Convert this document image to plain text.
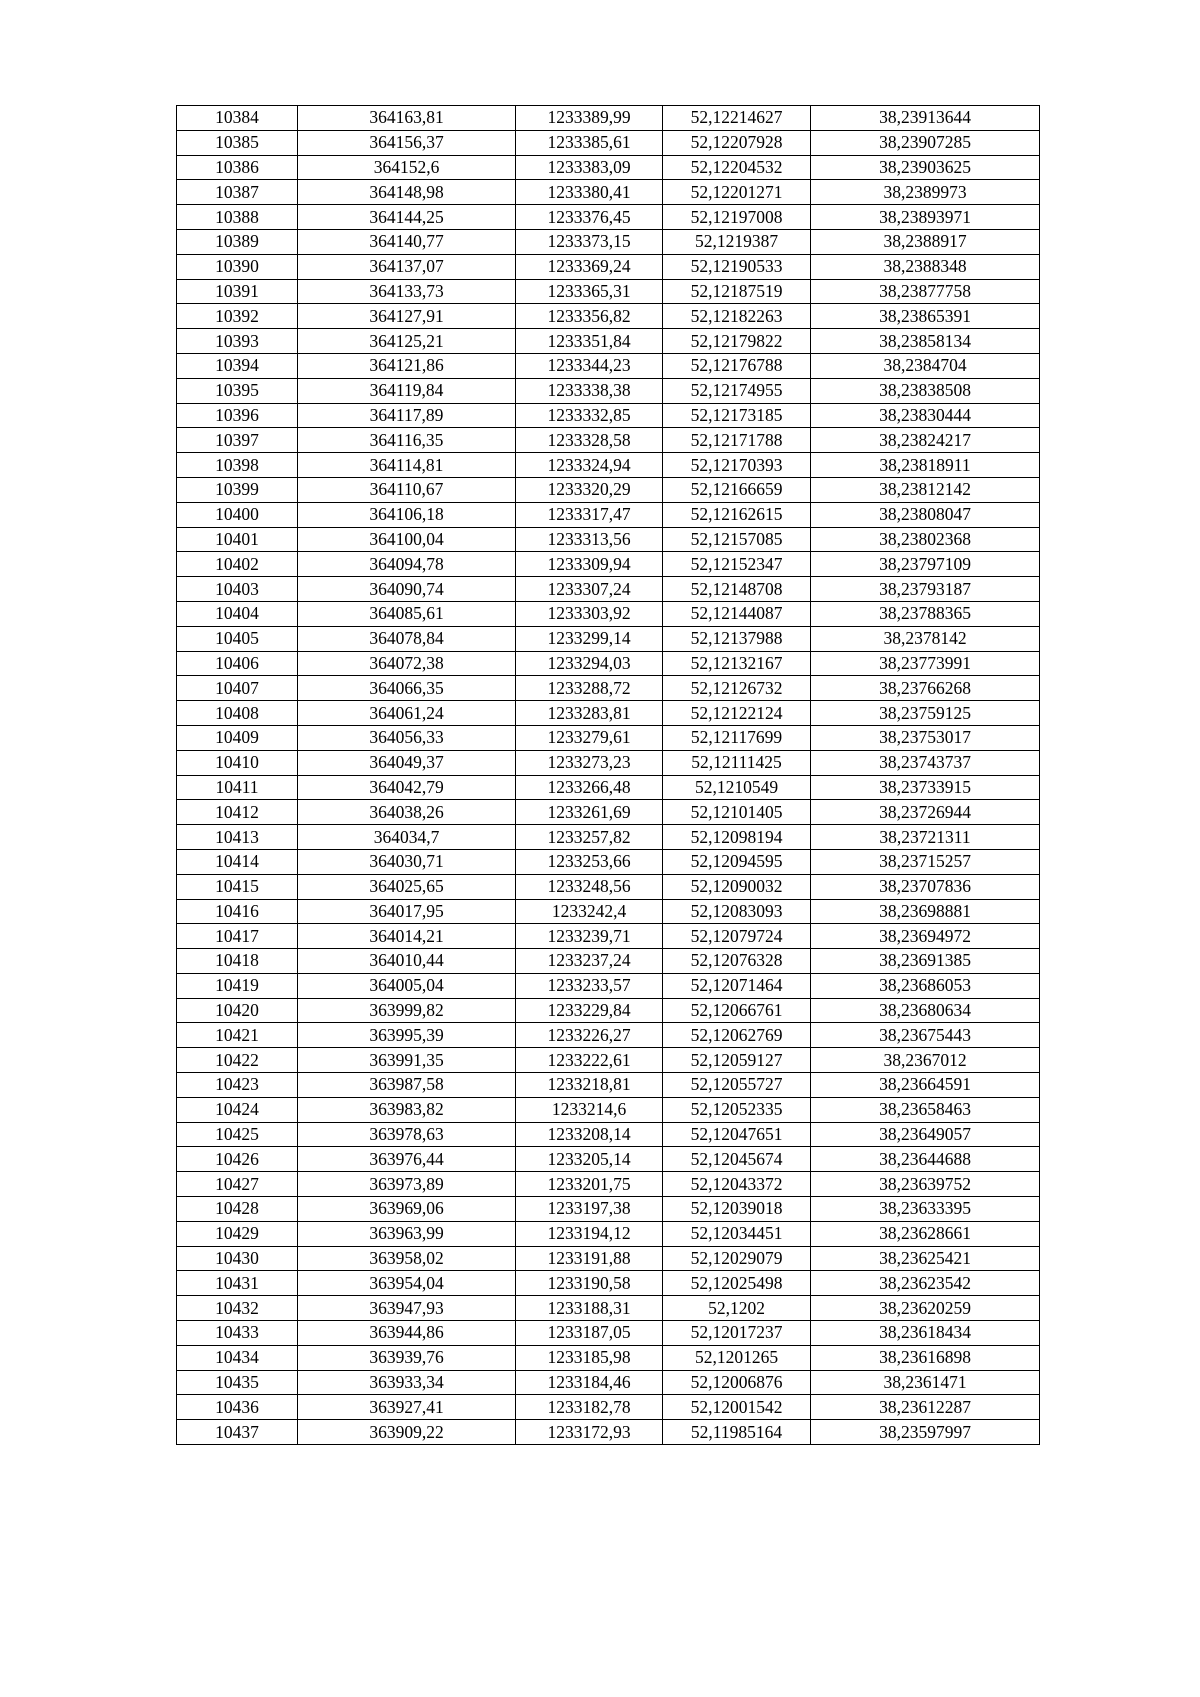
10384	364163,81	1233389,99	52,12214627	38,23913644
10385	364156,37	1233385,61	52,12207928	38,23907285
10386	364152,6	1233383,09	52,12204532	38,23903625
10387	364148,98	1233380,41	52,12201271	38,2389973
10388	364144,25	1233376,45	52,12197008	38,23893971
10389	364140,77	1233373,15	52,1219387	38,2388917
10390	364137,07	1233369,24	52,12190533	38,2388348
10391	364133,73	1233365,31	52,12187519	38,23877758
10392	364127,91	1233356,82	52,12182263	38,23865391
10393	364125,21	1233351,84	52,12179822	38,23858134
10394	364121,86	1233344,23	52,12176788	38,2384704
10395	364119,84	1233338,38	52,12174955	38,23838508
10396	364117,89	1233332,85	52,12173185	38,23830444
10397	364116,35	1233328,58	52,12171788	38,23824217
10398	364114,81	1233324,94	52,12170393	38,23818911
10399	364110,67	1233320,29	52,12166659	38,23812142
10400	364106,18	1233317,47	52,12162615	38,23808047
10401	364100,04	1233313,56	52,12157085	38,23802368
10402	364094,78	1233309,94	52,12152347	38,23797109
10403	364090,74	1233307,24	52,12148708	38,23793187
10404	364085,61	1233303,92	52,12144087	38,23788365
10405	364078,84	1233299,14	52,12137988	38,2378142
10406	364072,38	1233294,03	52,12132167	38,23773991
10407	364066,35	1233288,72	52,12126732	38,23766268
10408	364061,24	1233283,81	52,12122124	38,23759125
10409	364056,33	1233279,61	52,12117699	38,23753017
10410	364049,37	1233273,23	52,12111425	38,23743737
10411	364042,79	1233266,48	52,1210549	38,23733915
10412	364038,26	1233261,69	52,12101405	38,23726944
10413	364034,7	1233257,82	52,12098194	38,23721311
10414	364030,71	1233253,66	52,12094595	38,23715257
10415	364025,65	1233248,56	52,12090032	38,23707836
10416	364017,95	1233242,4	52,12083093	38,23698881
10417	364014,21	1233239,71	52,12079724	38,23694972
10418	364010,44	1233237,24	52,12076328	38,23691385
10419	364005,04	1233233,57	52,12071464	38,23686053
10420	363999,82	1233229,84	52,12066761	38,23680634
10421	363995,39	1233226,27	52,12062769	38,23675443
10422	363991,35	1233222,61	52,12059127	38,2367012
10423	363987,58	1233218,81	52,12055727	38,23664591
10424	363983,82	1233214,6	52,12052335	38,23658463
10425	363978,63	1233208,14	52,12047651	38,23649057
10426	363976,44	1233205,14	52,12045674	38,23644688
10427	363973,89	1233201,75	52,12043372	38,23639752
10428	363969,06	1233197,38	52,12039018	38,23633395
10429	363963,99	1233194,12	52,12034451	38,23628661
10430	363958,02	1233191,88	52,12029079	38,23625421
10431	363954,04	1233190,58	52,12025498	38,23623542
10432	363947,93	1233188,31	52,1202	38,23620259
10433	363944,86	1233187,05	52,12017237	38,23618434
10434	363939,76	1233185,98	52,1201265	38,23616898
10435	363933,34	1233184,46	52,12006876	38,2361471
10436	363927,41	1233182,78	52,12001542	38,23612287
10437	363909,22	1233172,93	52,11985164	38,23597997
